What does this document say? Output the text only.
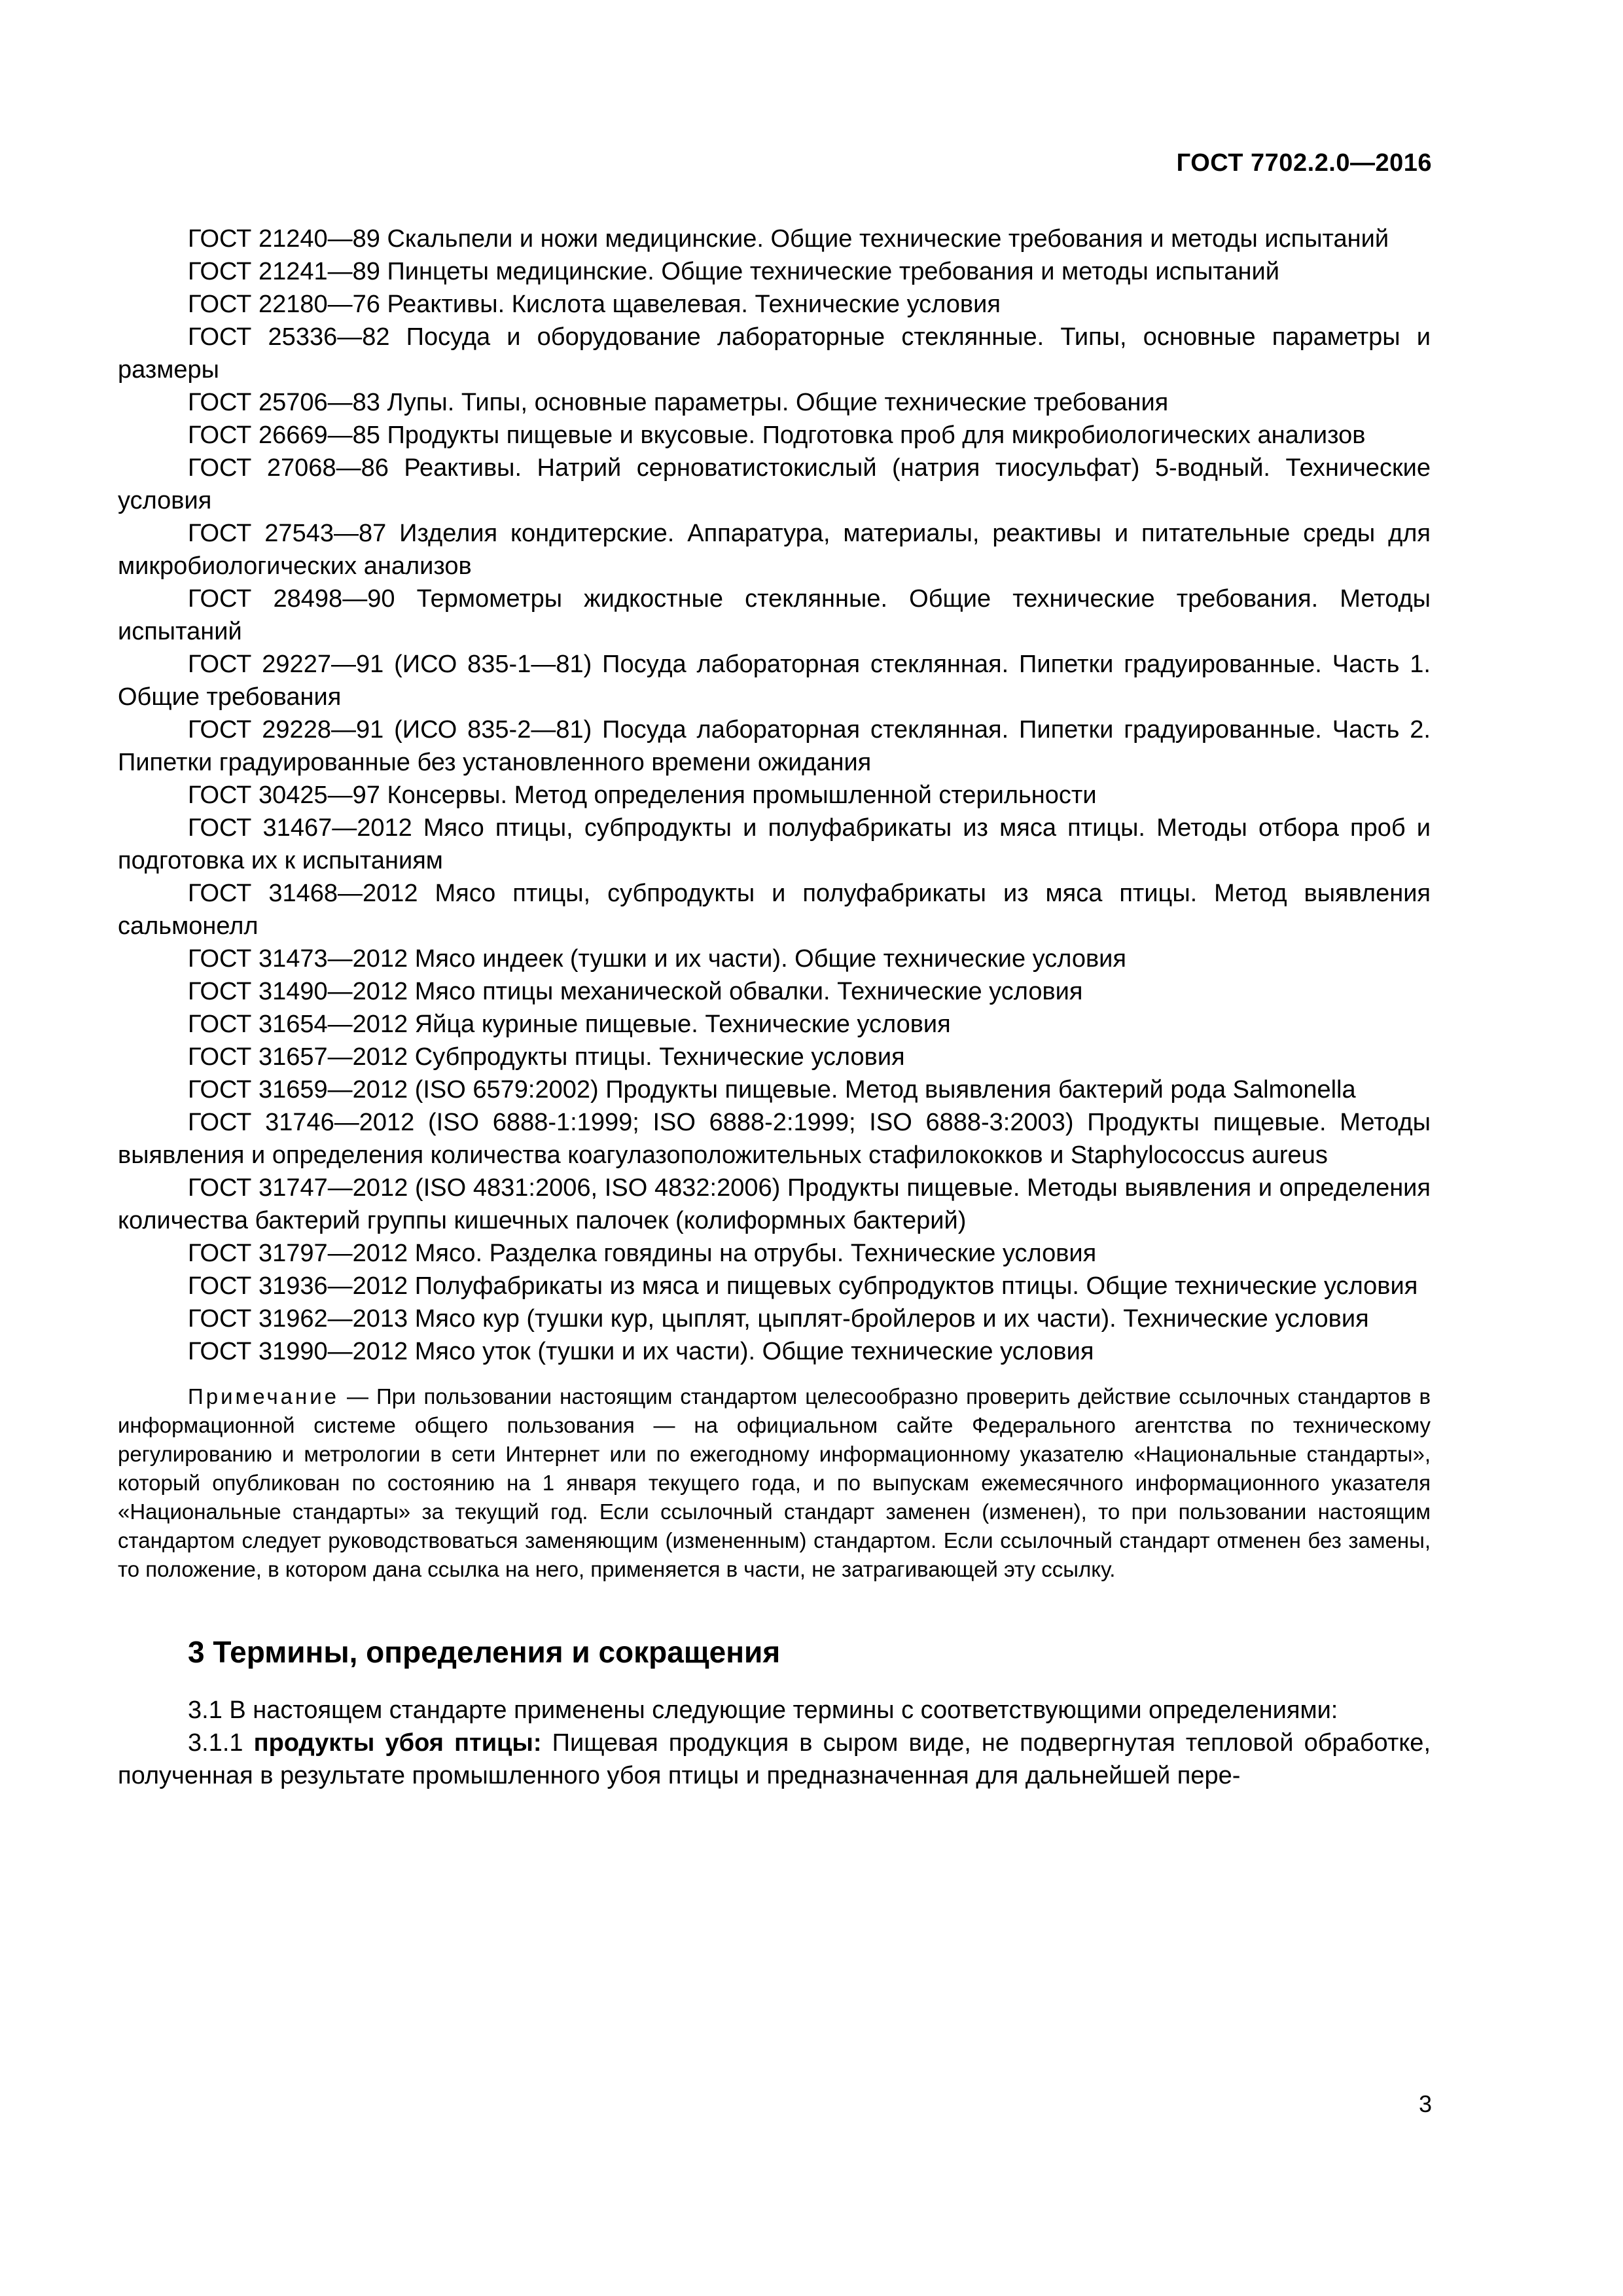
ГОСТ 7702.2.0—2016

ГОСТ 21240—89 Скальпели и ножи медицинские. Общие технические требования и методы испытаний

ГОСТ 21241—89 Пинцеты медицинские. Общие технические требования и методы испытаний

ГОСТ 22180—76 Реактивы. Кислота щавелевая. Технические условия

ГОСТ 25336—82 Посуда и оборудование лабораторные стеклянные. Типы, основные параметры и размеры

ГОСТ 25706—83 Лупы. Типы, основные параметры. Общие технические требования

ГОСТ 26669—85 Продукты пищевые и вкусовые. Подготовка проб для микробиологических анализов

ГОСТ 27068—86 Реактивы. Натрий серноватистокислый (натрия тиосульфат) 5-водный. Технические условия

ГОСТ 27543—87 Изделия кондитерские. Аппаратура, материалы, реактивы и питательные среды для микробиологических анализов

ГОСТ 28498—90 Термометры жидкостные стеклянные. Общие технические требования. Методы испытаний

ГОСТ 29227—91 (ИСО 835-1—81) Посуда лабораторная стеклянная. Пипетки градуированные. Часть 1. Общие требования

ГОСТ 29228—91 (ИСО 835-2—81) Посуда лабораторная стеклянная. Пипетки градуированные. Часть 2. Пипетки градуированные без установленного времени ожидания

ГОСТ 30425—97 Консервы. Метод определения промышленной стерильности

ГОСТ 31467—2012 Мясо птицы, субпродукты и полуфабрикаты из мяса птицы. Методы отбора проб и подготовка их к испытаниям

ГОСТ 31468—2012 Мясо птицы, субпродукты и полуфабрикаты из мяса птицы. Метод выявления сальмонелл

ГОСТ 31473—2012 Мясо индеек (тушки и их части). Общие технические условия

ГОСТ 31490—2012 Мясо птицы механической обвалки. Технические условия

ГОСТ 31654—2012 Яйца куриные пищевые. Технические условия

ГОСТ 31657—2012 Субпродукты птицы. Технические условия

ГОСТ 31659—2012 (ISO 6579:2002) Продукты пищевые. Метод выявления бактерий рода Salmonella

ГОСТ 31746—2012 (ISO 6888-1:1999; ISO 6888-2:1999; ISO 6888-3:2003) Продукты пищевые. Методы выявления и определения количества коагулазоположительных стафилококков и Staphylococcus aureus

ГОСТ 31747—2012 (ISO 4831:2006, ISO 4832:2006) Продукты пищевые. Методы выявления и определения количества бактерий группы кишечных палочек (колиформных бактерий)

ГОСТ 31797—2012 Мясо. Разделка говядины на отрубы. Технические условия

ГОСТ 31936—2012 Полуфабрикаты из мяса и пищевых субпродуктов птицы. Общие технические условия

ГОСТ 31962—2013 Мясо кур (тушки кур, цыплят, цыплят-бройлеров и их части). Технические условия

ГОСТ 31990—2012 Мясо уток (тушки и их части). Общие технические условия

Примечание — При пользовании настоящим стандартом целесообразно проверить действие ссылочных стандартов в информационной системе общего пользования — на официальном сайте Федерального агентства по техническому регулированию и метрологии в сети Интернет или по ежегодному информационному указателю «Национальные стандарты», который опубликован по состоянию на 1 января текущего года, и по выпускам ежемесячного информационного указателя «Национальные стандарты» за текущий год. Если ссылочный стандарт заменен (изменен), то при пользовании настоящим стандартом следует руководствоваться заменяющим (измененным) стандартом. Если ссылочный стандарт отменен без замены, то положение, в котором дана ссылка на него, применяется в части, не затрагивающей эту ссылку.

3 Термины, определения и сокращения

3.1 В настоящем стандарте применены следующие термины с соответствующими определениями:

3.1.1 продукты убоя птицы: Пищевая продукция в сыром виде, не подвергнутая тепловой обработке, полученная в результате промышленного убоя птицы и предназначенная для дальнейшей пере-

3
